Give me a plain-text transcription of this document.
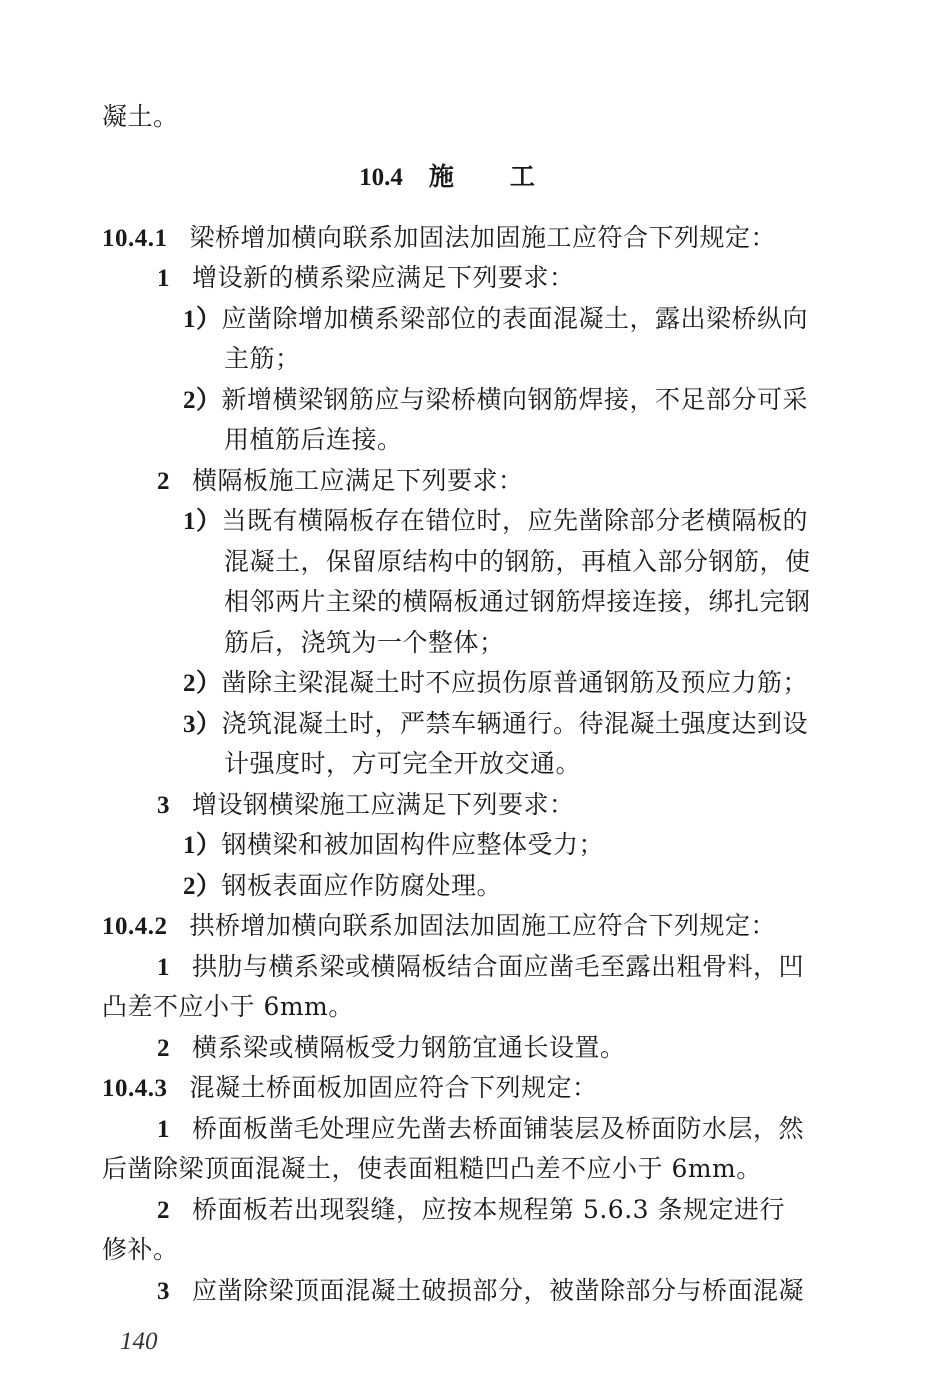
凝土。
10.4 施工
10.4.1 梁桥增加横向联系加固法加固施工应符合下列规定：
1 增设新的横系梁应满足下列要求：
1）应凿除增加横系梁部位的表面混凝土，露出梁桥纵向
主筋；
2）新增横梁钢筋应与梁桥横向钢筋焊接，不足部分可采
用植筋后连接。
2 横隔板施工应满足下列要求：
1）当既有横隔板存在错位时，应先凿除部分老横隔板的
混凝土，保留原结构中的钢筋，再植入部分钢筋，使
相邻两片主梁的横隔板通过钢筋焊接连接，绑扎完钢
筋后，浇筑为一个整体；
2）凿除主梁混凝土时不应损伤原普通钢筋及预应力筋；
3）浇筑混凝土时，严禁车辆通行。待混凝土强度达到设
计强度时，方可完全开放交通。
3 增设钢横梁施工应满足下列要求：
1）钢横梁和被加固构件应整体受力；
2）钢板表面应作防腐处理。
10.4.2 拱桥增加横向联系加固法加固施工应符合下列规定：
1 拱肋与横系梁或横隔板结合面应凿毛至露出粗骨料，凹
凸差不应小于 6mm。
2 横系梁或横隔板受力钢筋宜通长设置。
10.4.3 混凝土桥面板加固应符合下列规定：
1 桥面板凿毛处理应先凿去桥面铺装层及桥面防水层，然
后凿除梁顶面混凝土，使表面粗糙凹凸差不应小于 6mm。
2 桥面板若出现裂缝，应按本规程第 5.6.3 条规定进行
修补。
3 应凿除梁顶面混凝土破损部分，被凿除部分与桥面混凝
140
